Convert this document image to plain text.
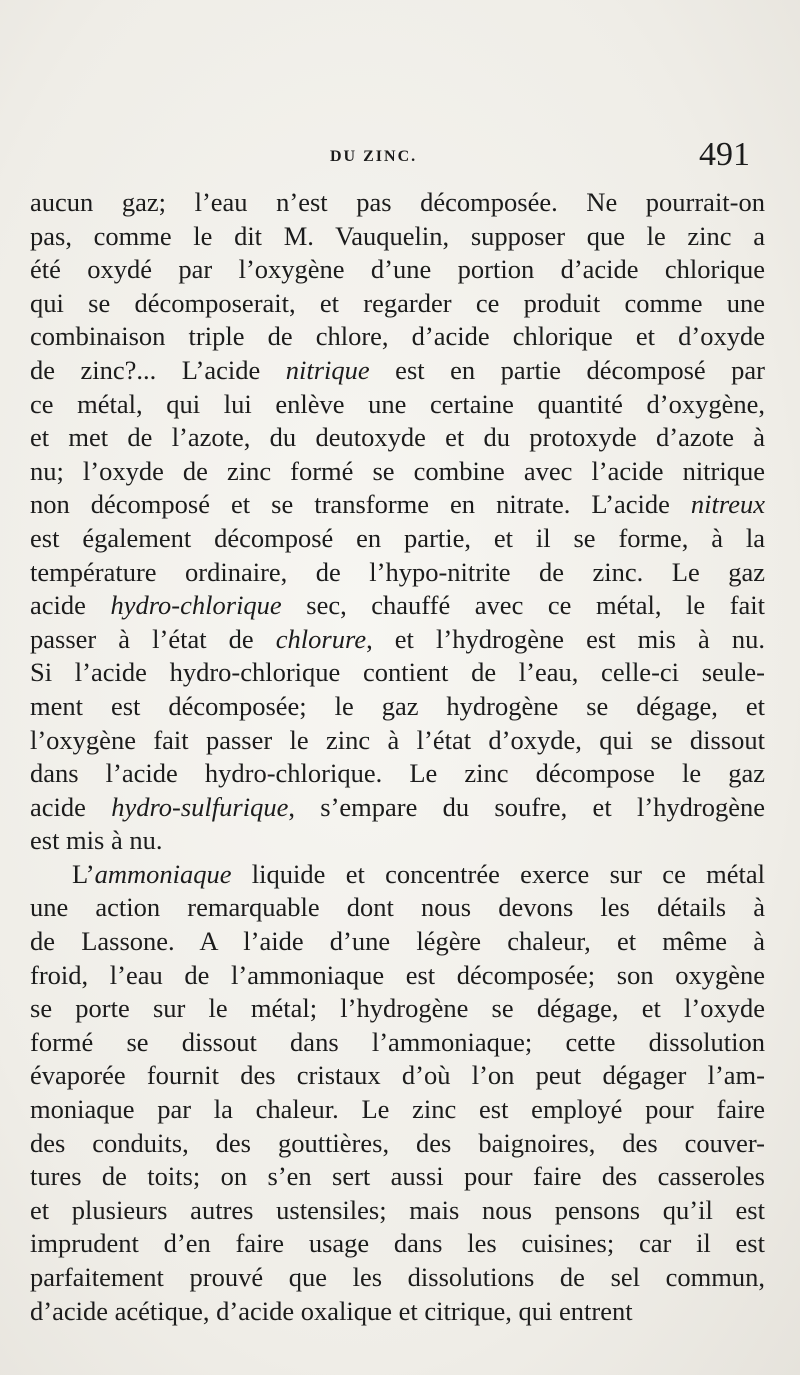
DU ZINC.	491
aucun gaz; l’eau n’est pas décomposée. Ne pourrait-on
pas, comme le dit M. Vauquelin, supposer que le zinc a
été oxydé par l’oxygène d’une portion d’acide chlorique
qui se décomposerait, et regarder ce produit comme une
combinaison triple de chlore, d’acide chlorique et d’oxyde
de zinc?... L’acide nitrique est en partie décomposé par
ce métal, qui lui enlève une certaine quantité d’oxygène,
et met de l’azote, du deutoxyde et du protoxyde d’azote à
nu; l’oxyde de zinc formé se combine avec l’acide nitrique
non décomposé et se transforme en nitrate. L’acide nitreux
est également décomposé en partie, et il se forme, à la
température ordinaire, de l’hypo-nitrite de zinc. Le gaz
acide hydro-chlorique sec, chauffé avec ce métal, le fait
passer à l’état de chlorure, et l’hydrogène est mis à nu.
Si l’acide hydro-chlorique contient de l’eau, celle-ci seule-
ment est décomposée; le gaz hydrogène se dégage, et
l’oxygène fait passer le zinc à l’état d’oxyde, qui se dissout
dans l’acide hydro-chlorique. Le zinc décompose le gaz
acide hydro-sulfurique, s’empare du soufre, et l’hydrogène
est mis à nu.
L’ammoniaque liquide et concentrée exerce sur ce métal
une action remarquable dont nous devons les détails à
de Lassone. A l’aide d’une légère chaleur, et même à
froid, l’eau de l’ammoniaque est décomposée; son oxygène
se porte sur le métal; l’hydrogène se dégage, et l’oxyde
formé se dissout dans l’ammoniaque; cette dissolution
évaporée fournit des cristaux d’où l’on peut dégager l’am-
moniaque par la chaleur. Le zinc est employé pour faire
des conduits, des gouttières, des baignoires, des couver-
tures de toits; on s’en sert aussi pour faire des casseroles
et plusieurs autres ustensiles; mais nous pensons qu’il est
imprudent d’en faire usage dans les cuisines; car il est
parfaitement prouvé que les dissolutions de sel commun,
d’acide acétique, d’acide oxalique et citrique, qui entrent
